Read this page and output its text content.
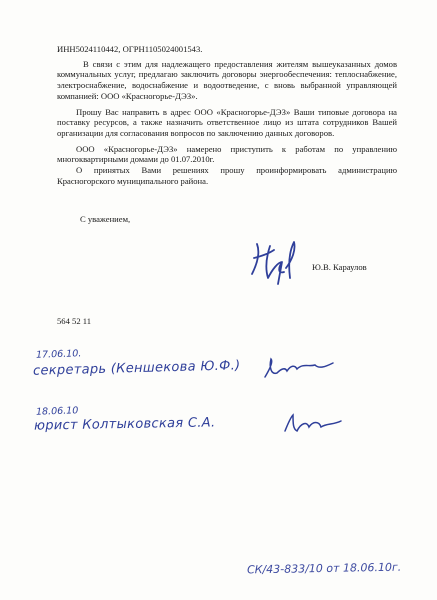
ИНН5024110442, ОГРН1105024001543.

В связи с этим для надлежащего предоставления жителям вышеуказанных домов коммунальных услуг, предлагаю заключить договоры энергообеспечения: теплоснабжение, электроснабжение, водоснабжение и водоотведение, с вновь выбранной управляющей компанией: ООО «Красногорье-ДЭЗ».

Прошу Вас направить в адрес ООО «Красногорье-ДЭЗ» Ваши типовые договора на поставку ресурсов, а также назначить ответственное лицо из штата сотрудников Вашей организации для согласования вопросов по заключению данных договоров.

ООО «Красногорье-ДЭЗ» намерено приступить к работам по управлению многоквартирными домами до 01.07.2010г.

О принятых Вами решениях прошу проинформировать администрацию Красногорского муниципального района.

С уважением,
Ю.В. Караулов
564 52 11
17.06.10.
секретарь (Кеншекова Ю.Ф.)
18.06.10
юрист Колтыковская С.А.
СК/43-833/10 от 18.06.10г.
